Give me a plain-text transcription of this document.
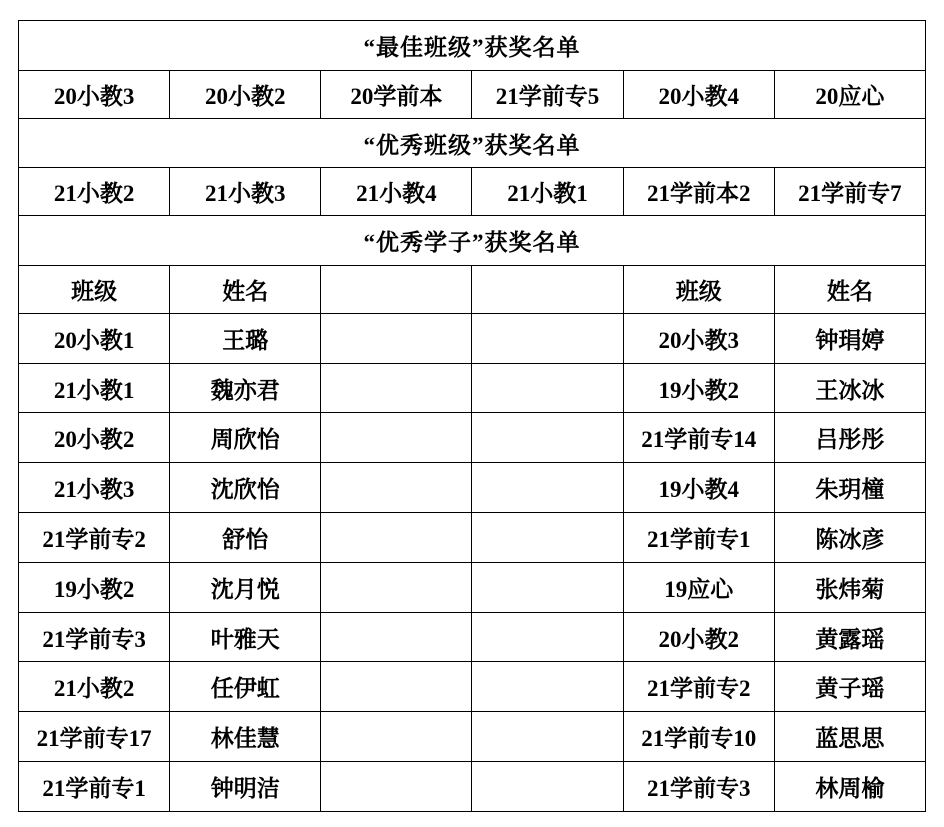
“最佳班级”获奖名单					
20小教3	20小教2	20学前本	21学前专5	20小教4	20应心
“优秀班级”获奖名单					
21小教2	21小教3	21小教4	21小教1	21学前本2	21学前专7
“优秀学子”获奖名单					
班级	姓名			班级	姓名
20小教1	王璐			20小教3	钟琄婷
21小教1	魏亦君			19小教2	王冰冰
20小教2	周欣怡			21学前专14	吕彤彤
21小教3	沈欣怡			19小教4	朱玥橦
21学前专2	舒怡			21学前专1	陈冰彦
19小教2	沈月悦			19应心	张炜菊
21学前专3	叶雅天			20小教2	黄露瑶
21小教2	任伊虹			21学前专2	黄子瑶
21学前专17	林佳慧			21学前专10	蓝思思
21学前专1	钟明洁			21学前专3	林周榆
